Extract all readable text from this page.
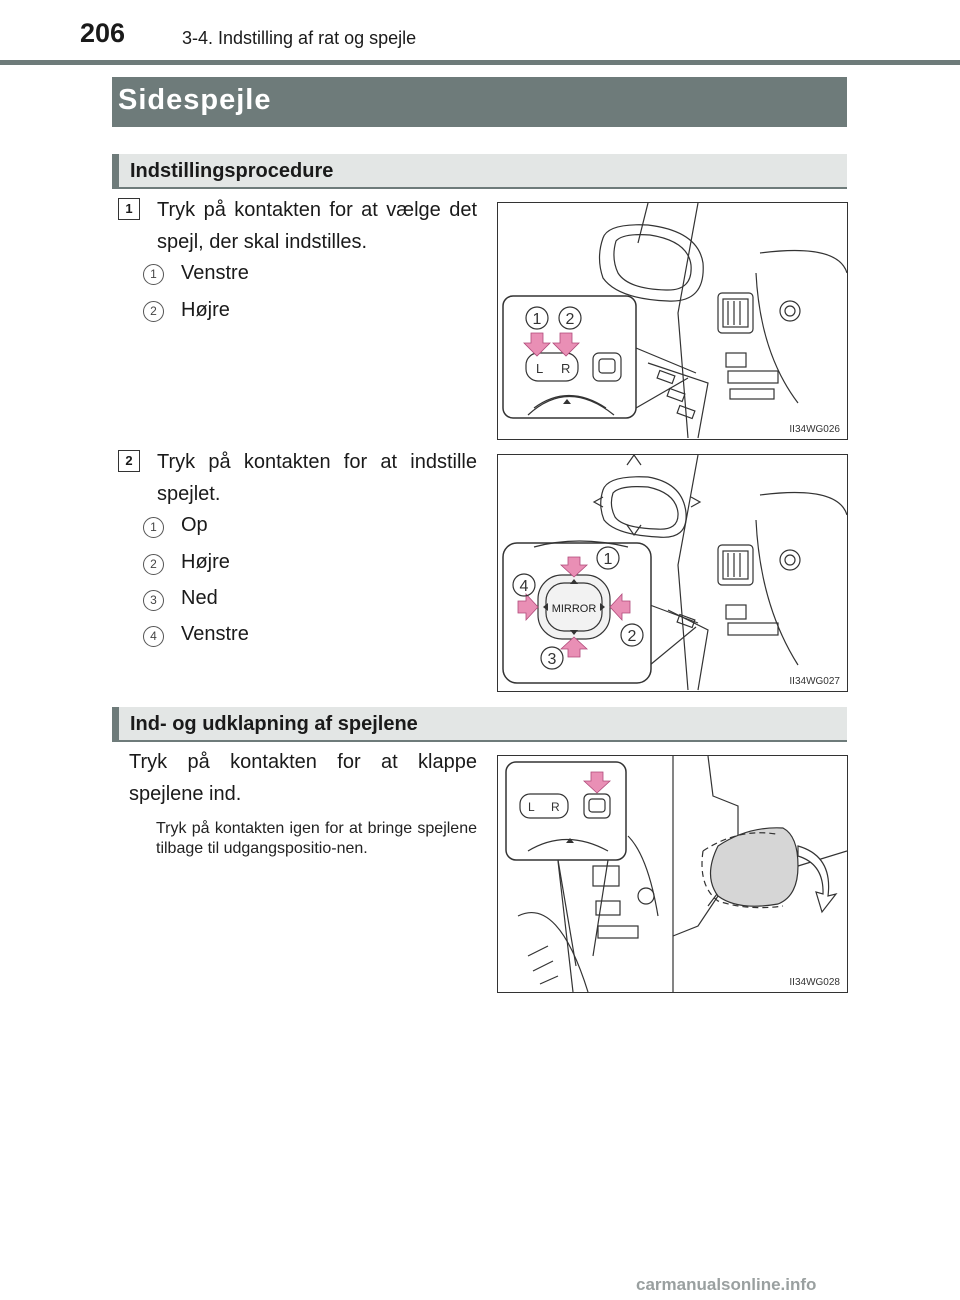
206	3-4. Indstilling af rat og spejle
Sidespejle
Indstillingsprocedure
1	Tryk på kontakten for at vælge det spejl, der skal indstilles.
1	Venstre
2	Højre
L R
1 2
II34WG026
2	Tryk på kontakten for at indstille spejlet.
1	Op
2	Højre
3	Ned
4	Venstre
MIRROR
1
2
3
4
II34WG027
Ind- og udklapning af spejlene
Tryk på kontakten for at klappe spejlene ind.
Tryk på kontakten igen for at bringe spejlene tilbage til udgangspositio-nen.
L R
II34WG028
carmanualsonline.info
